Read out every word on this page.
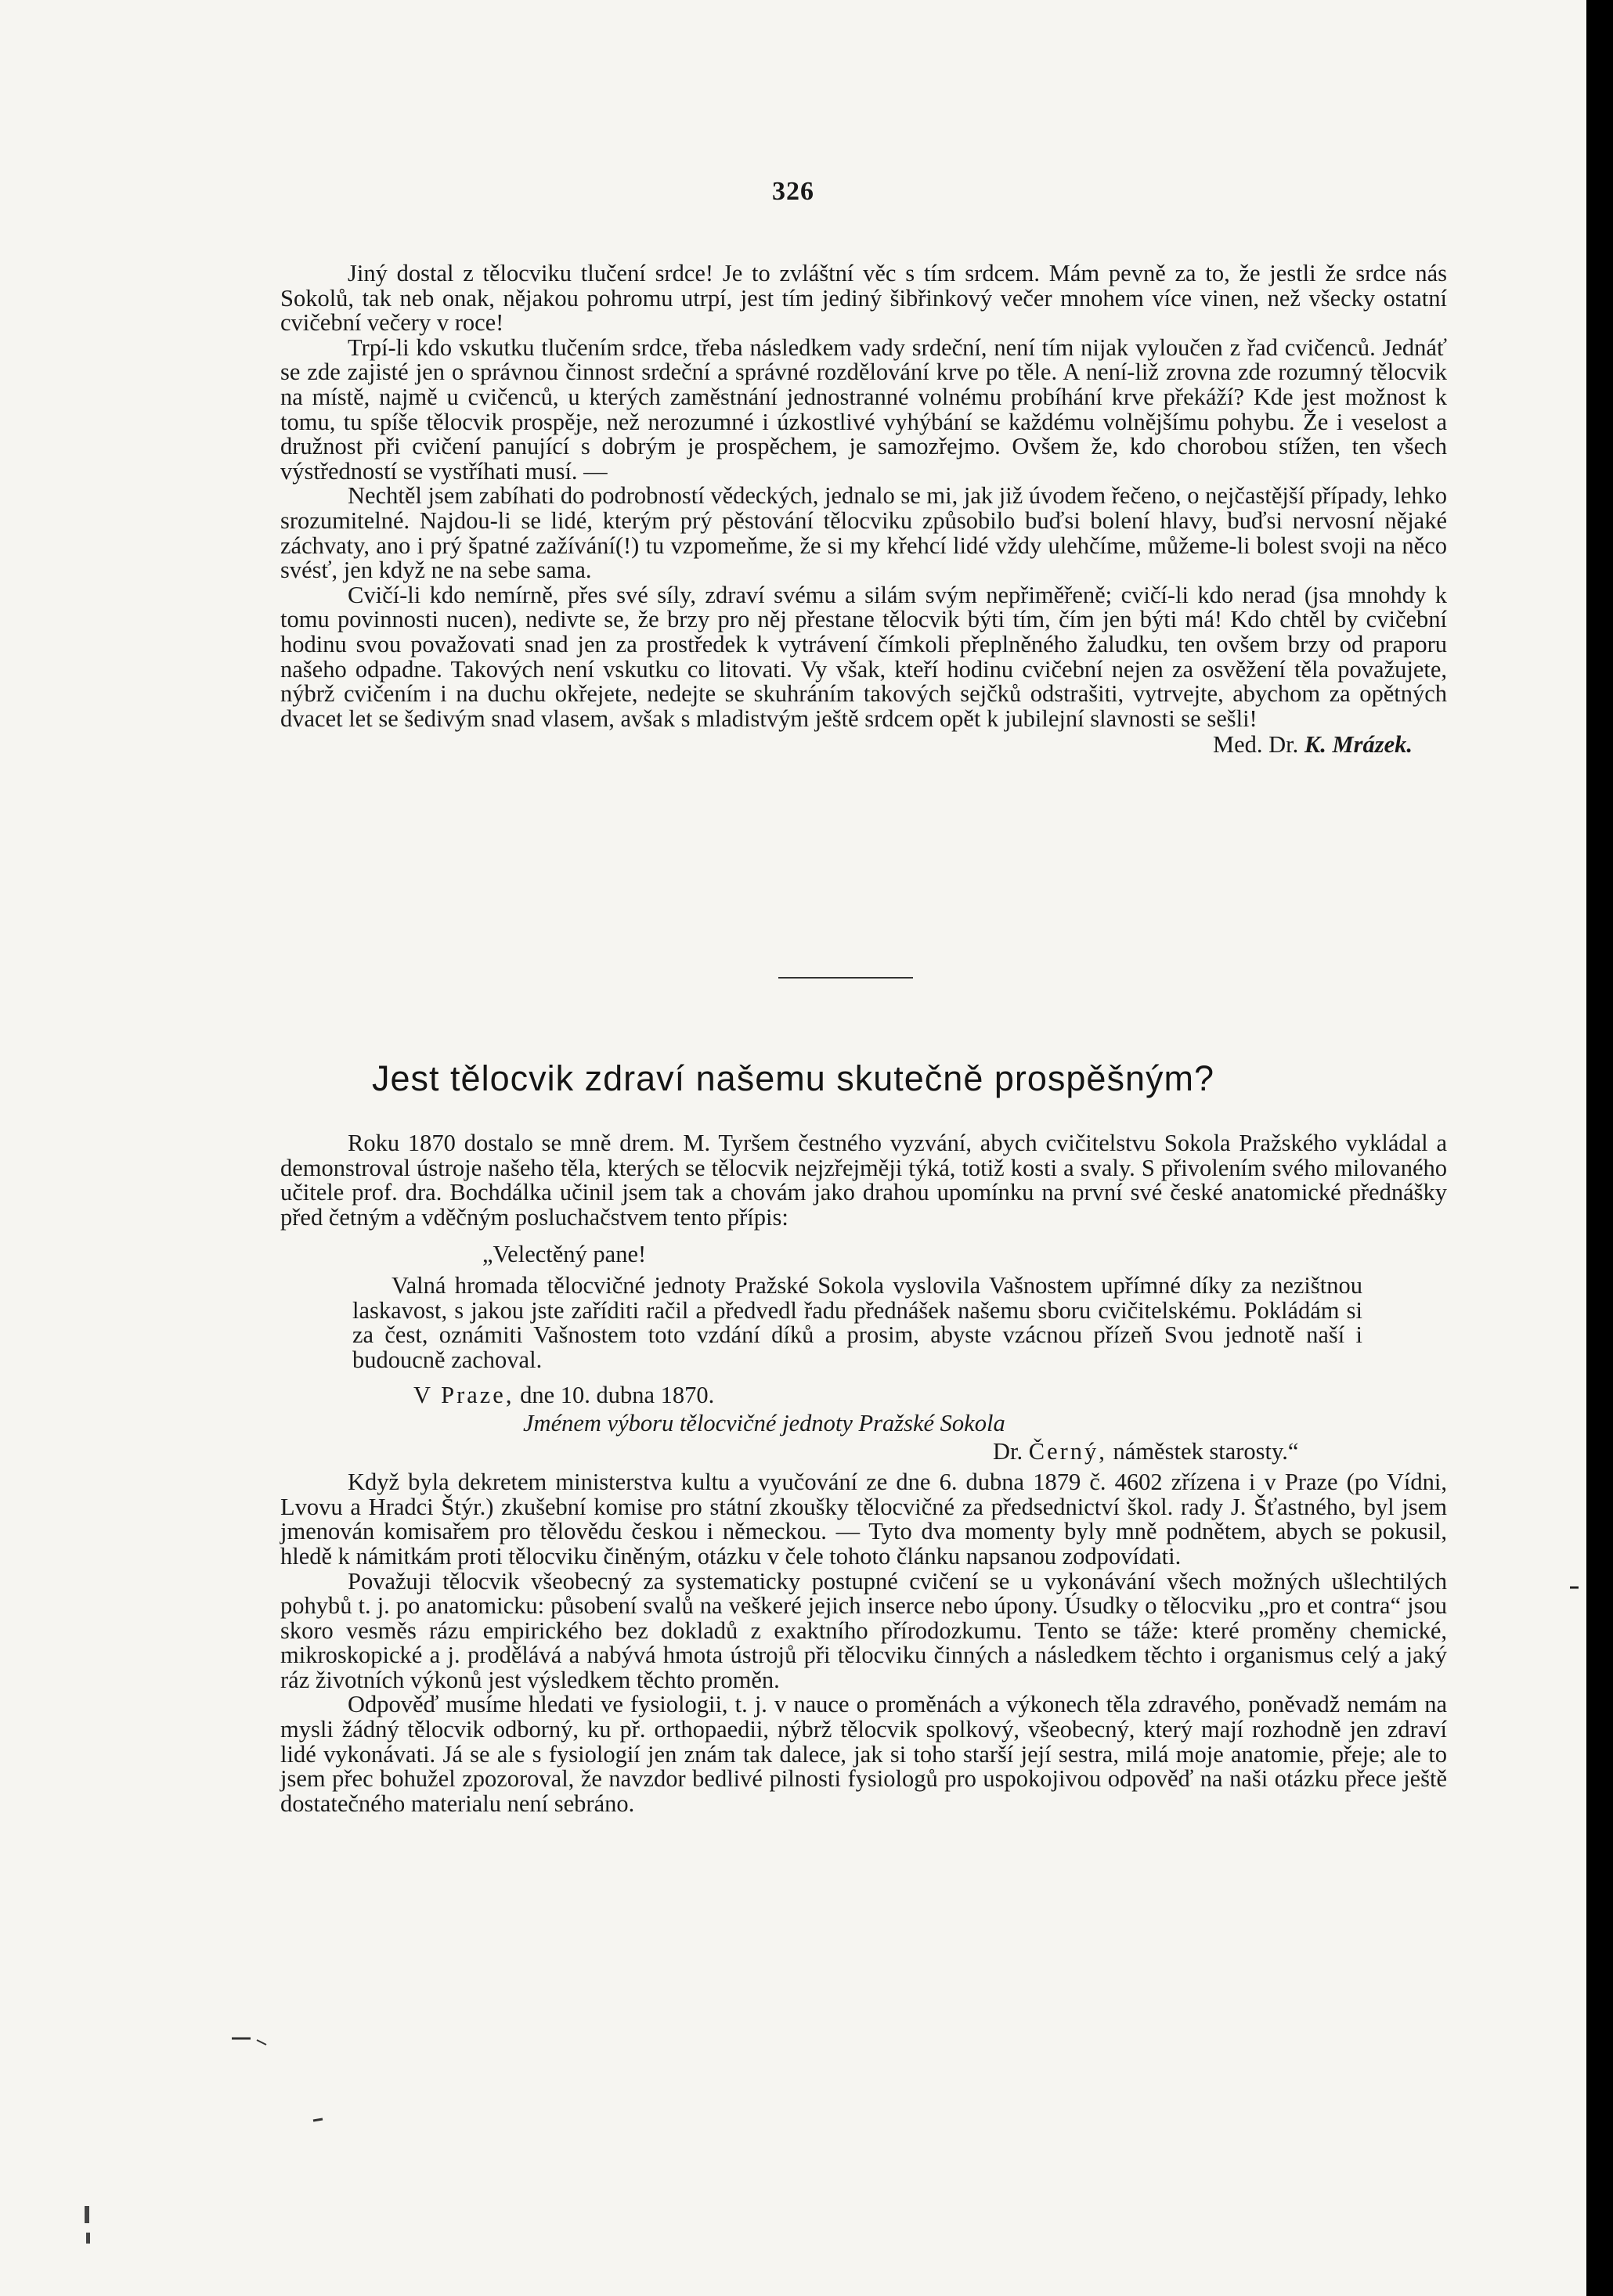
326

Jiný dostal z tělocviku tlučení srdce! Je to zvláštní věc s tím srdcem. Mám pevně za to, že jestli že srdce nás Sokolů, tak neb onak, nějakou pohromu utrpí, jest tím jediný šibřinkový večer mnohem více vinen, než všecky ostatní cvičební večery v roce!

Trpí-li kdo vskutku tlučením srdce, třeba následkem vady srdeční, není tím nijak vyloučen z řad cvičenců. Jednáť se zde zajisté jen o správnou činnost srdeční a správné rozdělování krve po těle. A není-liž zrovna zde rozumný tělocvik na místě, najmě u cvičenců, u kterých zaměstnání jednostranné volnému probíhání krve překáží? Kde jest možnost k tomu, tu spíše tělocvik prospěje, než nerozumné i úzkostlivé vyhýbání se každému volnějšímu pohybu. Že i veselost a družnost při cvičení panující s dobrým je prospěchem, je samozřejmo. Ovšem že, kdo chorobou stížen, ten všech výstředností se vystříhati musí. —

Nechtěl jsem zabíhati do podrobností vědeckých, jednalo se mi, jak již úvodem řečeno, o nejčastější případy, lehko srozumitelné. Najdou-li se lidé, kterým prý pěstování tělocviku způsobilo buďsi bolení hlavy, buďsi nervosní nějaké záchvaty, ano i prý špatné zažívání(!) tu vzpomeňme, že si my křehcí lidé vždy ulehčíme, můžeme-li bolest svoji na něco svésť, jen když ne na sebe sama.

Cvičí-li kdo nemírně, přes své síly, zdraví svému a silám svým nepřiměřeně; cvičí-li kdo nerad (jsa mnohdy k tomu povinnosti nucen), nedivte se, že brzy pro něj přestane tělocvik býti tím, čím jen býti má! Kdo chtěl by cvičební hodinu svou považovati snad jen za prostředek k vytrávení čímkoli přeplněného žaludku, ten ovšem brzy od praporu našeho odpadne. Takových není vskutku co litovati. Vy však, kteří hodinu cvičební nejen za osvěžení těla považujete, nýbrž cvičením i na duchu okřejete, nedejte se skuhráním takových sejčků odstrašiti, vytrvejte, abychom za opětných dvacet let se šedivým snad vlasem, avšak s mladistvým ještě srdcem opět k jubilejní slavnosti se sešli!

Med. Dr. K. Mrázek.

Jest tělocvik zdraví našemu skutečně prospěšným?

Roku 1870 dostalo se mně drem. M. Tyršem čestného vyzvání, abych cvičitelstvu Sokola Pražského vykládal a demonstroval ústroje našeho těla, kterých se tělocvik nejzřejměji týká, totiž kosti a svaly. S přivolením svého milovaného učitele prof. dra. Bochdálka učinil jsem tak a chovám jako drahou upomínku na první své české anatomické přednášky před četným a vděčným posluchačstvem tento přípis:

„Velectěný pane!

Valná hromada tělocvičné jednoty Pražské Sokola vyslovila Vašnostem upřímné díky za nezištnou laskavost, s jakou jste zaříditi račil a předvedl řadu přednášek našemu sboru cvičitelskému. Pokládám si za čest, oznámiti Vašnostem toto vzdání díků a prosim, abyste vzácnou přízeň Svou jednotě naší i budoucně zachoval.

V Praze, dne 10. dubna 1870.

Jménem výboru tělocvičné jednoty Pražské Sokola

Dr. Černý, náměstek starosty.“

Když byla dekretem ministerstva kultu a vyučování ze dne 6. dubna 1879 č. 4602 zřízena i v Praze (po Vídni, Lvovu a Hradci Štýr.) zkušební komise pro státní zkoušky tělocvičné za předsednictví škol. rady J. Šťastného, byl jsem jmenován komisařem pro tělovědu českou i německou. — Tyto dva momenty byly mně podnětem, abych se pokusil, hledě k námitkám proti tělocviku činěným, otázku v čele tohoto článku napsanou zodpovídati.

Považuji tělocvik všeobecný za systematicky postupné cvičení se u vykonávání všech možných ušlechtilých pohybů t. j. po anatomicku: působení svalů na veškeré jejich inserce nebo úpony. Úsudky o tělocviku „pro et contra“ jsou skoro vesměs rázu empirického bez dokladů z exaktního přírodozkumu. Tento se táže: které proměny chemické, mikroskopické a j. prodělává a nabývá hmota ústrojů při tělocviku činných a následkem těchto i organismus celý a jaký ráz životních výkonů jest výsledkem těchto proměn.

Odpověď musíme hledati ve fysiologii, t. j. v nauce o proměnách a výkonech těla zdravého, poněvadž nemám na mysli žádný tělocvik odborný, ku př. orthopaedii, nýbrž tělocvik spolkový, všeobecný, který mají rozhodně jen zdraví lidé vykonávati. Já se ale s fysiologií jen znám tak dalece, jak si toho starší její sestra, milá moje anatomie, přeje; ale to jsem přec bohužel zpozoroval, že navzdor bedlivé pilnosti fysiologů pro uspokojivou odpověď na naši otázku přece ještě dostatečného materialu není sebráno.
